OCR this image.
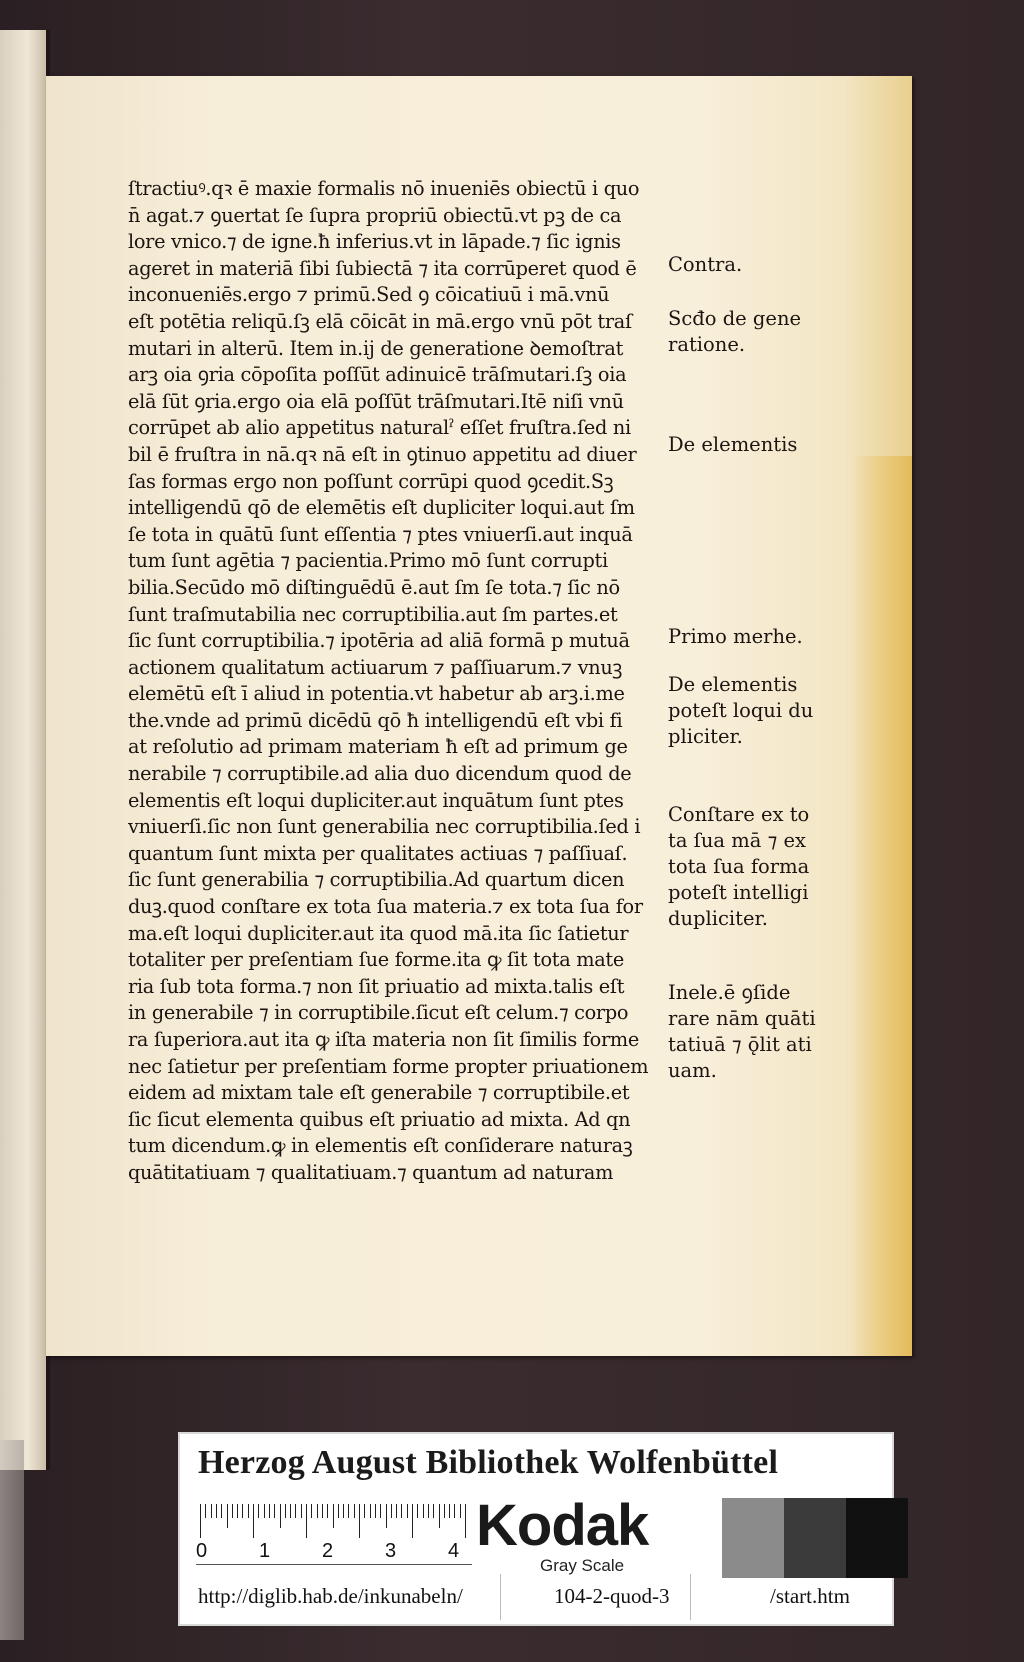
ſtractiuꝰ.qꝛ ē maxie formalis nō inueniēs obiectū i quo
n̄ agat.⁊ ꝯuertat ſe ſupra propriū obiectū.vt pꝫ de ca
lore vnico.⁊ de igne.ħ inferius.vt in lāpade.⁊ ſic ignis
ageret in materiā ſibi ſubiectā ⁊ ita corrūperet quod ē
inconueniēs.ergo ⁊ primū.Sed ꝯ cōicatiuū i mā.vnū
eſt potētia reliqū.ſꝫ elā cōicāt in mā.ergo vnū pōt traſ
mutari in alterū. Item in.ij de generatione ꝺemoſtrat
arꝫ oia ꝯria cōpoſita poſſūt adinuicē trāſmutari.ſꝫ oia
elā ſūt ꝯria.ergo oia elā poſſūt trāſmutari.Itē niſi vnū
corrūpet ab alio appetitus naturalˀ eſſet fruſtra.ſed ni
bil ē fruſtra in nā.qꝛ nā eſt in ꝯtinuo appetitu ad diuer
ſas formas ergo non poſſunt corrūpi quod ꝯcedit.Sꝫ
intelligendū qō de elemētis eſt dupliciter loqui.aut ſm
ſe tota in quātū ſunt eſſentia ⁊ ptes vniuerſi.aut inquā
tum ſunt agētia ⁊ pacientia.Primo mō ſunt corrupti
bilia.Secūdo mō diſtinguēdū ē.aut ſm ſe tota.⁊ ſic nō
ſunt traſmutabilia nec corruptibilia.aut ſm partes.et
ſic ſunt corruptibilia.⁊ ipotēria ad aliā formā p mutuā
actionem qualitatum actiuarum ⁊ paſſiuarum.⁊ vnuꝫ
elemētū eſt ī aliud in potentia.vt habetur ab arꝫ.i.me
the.vnde ad primū dicēdū qō ħ intelligendū eſt vbi fi
at reſolutio ad primam materiam ħ eſt ad primum ge
nerabile ⁊ corruptibile.ad alia duo dicendum quod de
elementis eſt loqui dupliciter.aut inquātum ſunt ptes
vniuerſi.ſic non ſunt generabilia nec corruptibilia.ſed i
quantum ſunt mixta per qualitates actiuas ⁊ paſſiuaſ.
ſic ſunt generabilia ⁊ corruptibilia.Ad quartum dicen
duꝫ.quod conſtare ex tota ſua materia.⁊ ex tota ſua for
ma.eſt loqui dupliciter.aut ita quod mā.ita ſic ſatietur
totaliter per preſentiam ſue forme.ita ꝙ ſit tota mate
ria ſub tota forma.⁊ non ſit priuatio ad mixta.talis eſt
in generabile ⁊ in corruptibile.ſicut eſt celum.⁊ corpo
ra ſuperiora.aut ita ꝙ iſta materia non ſit ſimilis forme
nec ſatietur per preſentiam forme propter priuationem
eidem ad mixtam tale eſt generabile ⁊ corruptibile.et
ſic ſicut elementa quibus eſt priuatio ad mixta. Ad qn
tum dicendum.ꝙ in elementis eſt conſiderare naturaꝫ
quātitatiuam ⁊ qualitatiuam.⁊ quantum ad naturam
Contra.
Scđo de gene
ratione.
De elementis
Primo merhe.
De elementis
poteſt loqui du
pliciter.
Conſtare ex to
ta ſua mā ⁊ ex
tota ſua forma
poteſt intelligi
dupliciter.
Inele.ē ꝯſide
rare nām quāti
tatiuā ⁊ ǭlit ati
uam.
Herzog August Bibliothek Wolfenbüttel
0	1	2	3	4 Kodak
Gray Scale
http://diglib.hab.de/inkunabeln/	104-2-quod-3	/start.htm
